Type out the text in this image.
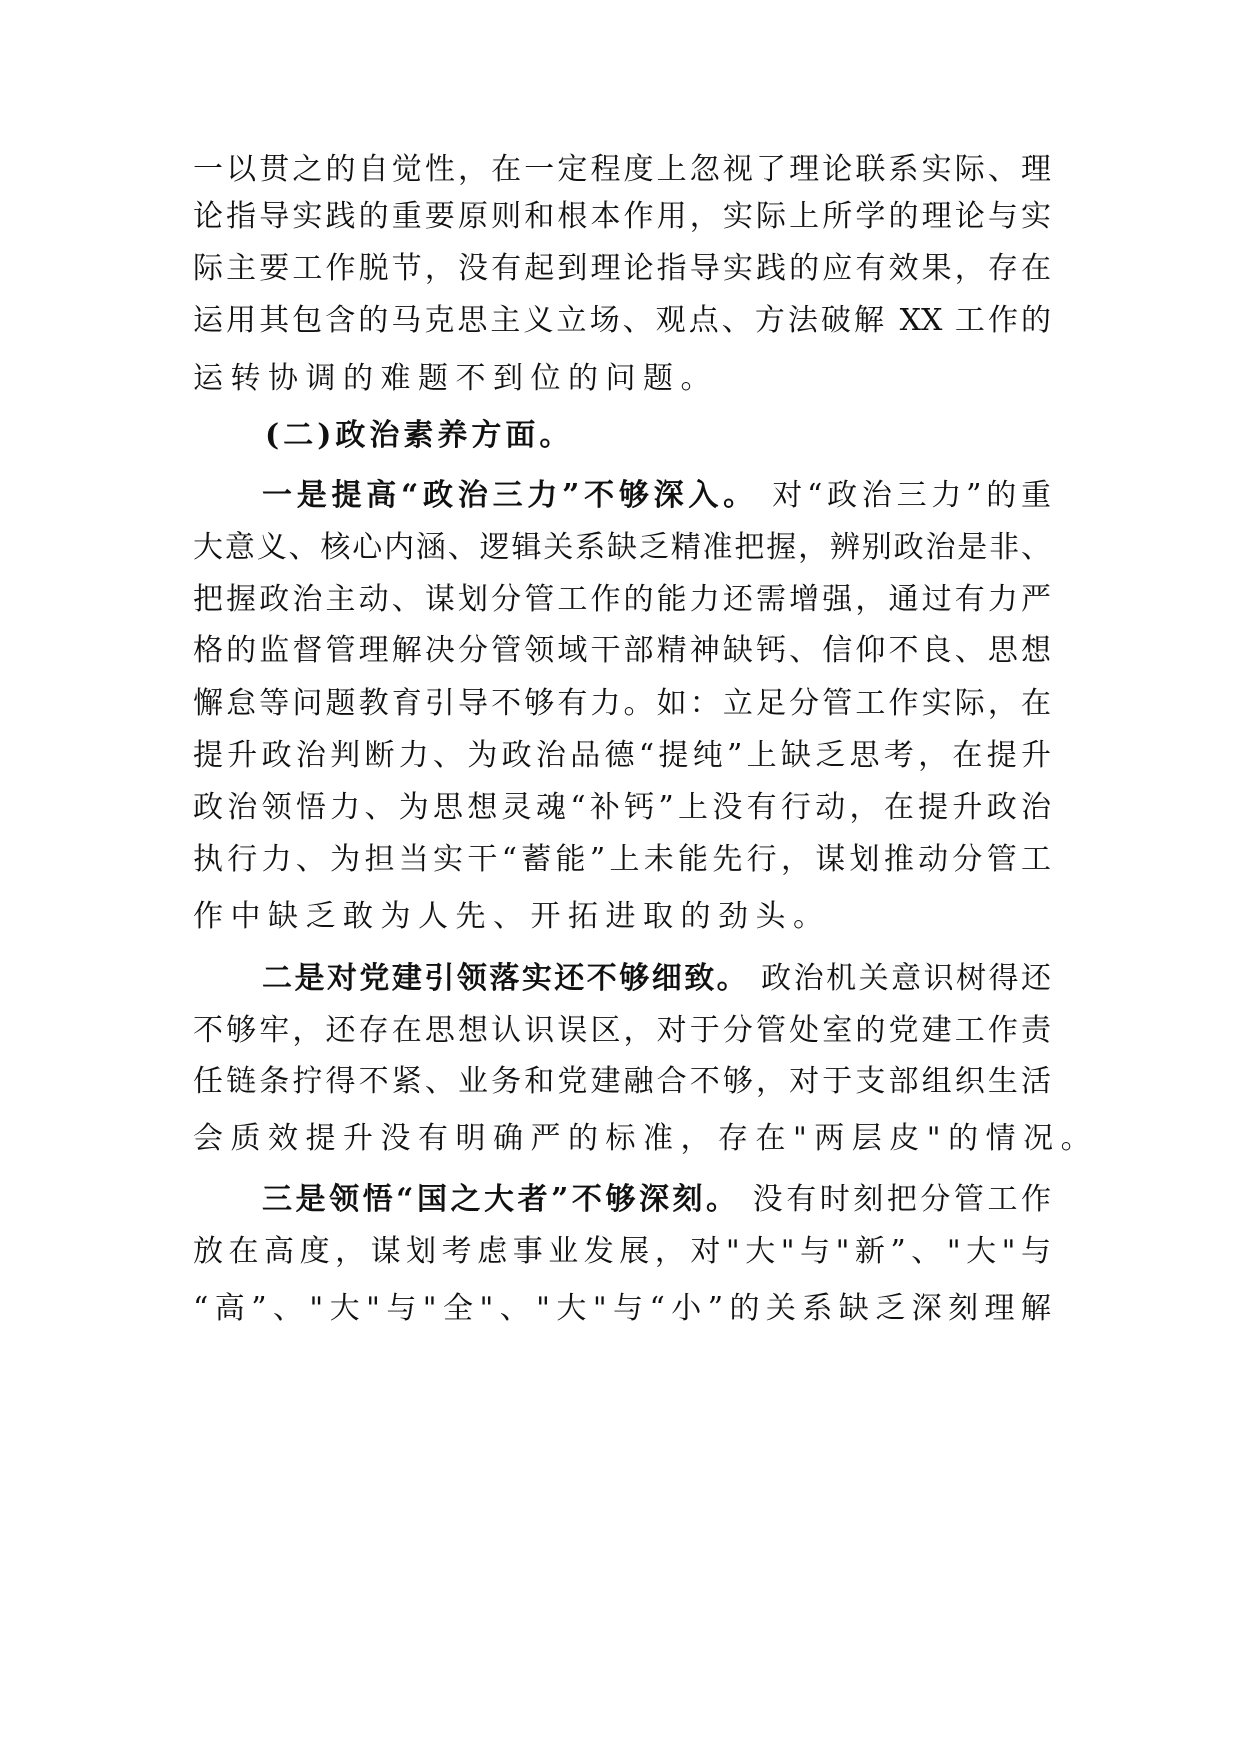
一以贯之的自觉性，在一定程度上忽视了理论联系实际、理
论指导实践的重要原则和根本作用，实际上所学的理论与实
际主要工作脱节，没有起到理论指导实践的应有效果，存在
运用其包含的马克思主义立场、观点、方法破解 XX 工作的
运转协调的难题不到位的问题。
(二)政治素养方面。
一是提高“政治三力”不够深入。 对“政治三力”的重
大意义、核心内涵、逻辑关系缺乏精准把握，辨别政治是非、
把握政治主动、谋划分管工作的能力还需增强，通过有力严
格的监督管理解决分管领域干部精神缺钙、信仰不良、思想
懈怠等问题教育引导不够有力。如：立足分管工作实际，在
提升政治判断力、为政治品德“提纯”上缺乏思考，在提升
政治领悟力、为思想灵魂“补钙”上没有行动，在提升政治
执行力、为担当实干“蓄能”上未能先行，谋划推动分管工
作中缺乏敢为人先、开拓进取的劲头。
二是对党建引领落实还不够细致。 政治机关意识树得还
不够牢，还存在思想认识误区，对于分管处室的党建工作责
任链条拧得不紧、业务和党建融合不够，对于支部组织生活
会质效提升没有明确严的标准，存在"两层皮"的情况。
三是领悟“国之大者”不够深刻。 没有时刻把分管工作
放在高度，谋划考虑事业发展，对"大"与"新”、"大"与
“高”、"大"与"全"、"大"与“小”的关系缺乏深刻理解
